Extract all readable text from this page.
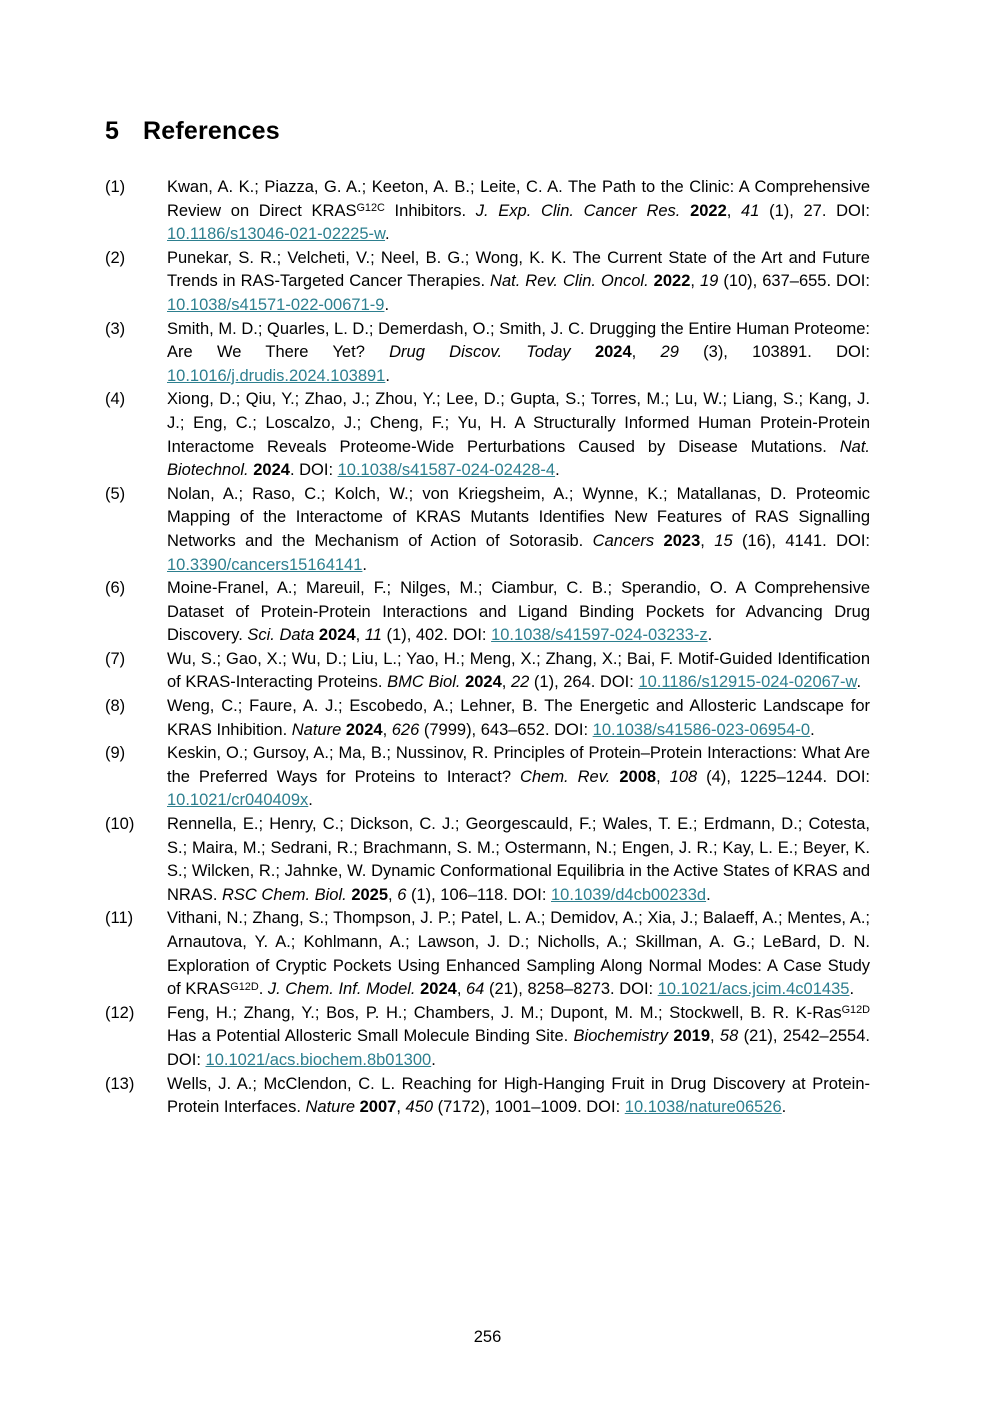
5 References
(1)	Kwan, A. K.; Piazza, G. A.; Keeton, A. B.; Leite, C. A. The Path to the Clinic: A Comprehensive Review on Direct $KRAS^{G12C}$ Inhibitors. J. Exp. Clin. Cancer Res. 2022, 41 (1), 27. DOI: 10.1186/s13046-021-02225-w.
(2)	Punekar, S. R.; Velcheti, V.; Neel, B. G.; Wong, K. K. The Current State of the Art and Future Trends in RAS-Targeted Cancer Therapies. Nat. Rev. Clin. Oncol. 2022, 19 (10), 637–655. DOI: 10.1038/s41571-022-00671-9.
(3)	Smith, M. D.; Quarles, L. D.; Demerdash, O.; Smith, J. C. Drugging the Entire Human Proteome: Are We There Yet? Drug Discov. Today 2024, 29 (3), 103891. DOI: 10.1016/j.drudis.2024.103891.
(4)	Xiong, D.; Qiu, Y.; Zhao, J.; Zhou, Y.; Lee, D.; Gupta, S.; Torres, M.; Lu, W.; Liang, S.; Kang, J. J.; Eng, C.; Loscalzo, J.; Cheng, F.; Yu, H. A Structurally Informed Human Protein-Protein Interactome Reveals Proteome-Wide Perturbations Caused by Disease Mutations. Nat. Biotechnol. 2024. DOI: 10.1038/s41587-024-02428-4.
(5)	Nolan, A.; Raso, C.; Kolch, W.; von Kriegsheim, A.; Wynne, K.; Matallanas, D. Proteomic Mapping of the Interactome of KRAS Mutants Identifies New Features of RAS Signalling Networks and the Mechanism of Action of Sotorasib. Cancers 2023, 15 (16), 4141. DOI: 10.3390/cancers15164141.
(6)	Moine-Franel, A.; Mareuil, F.; Nilges, M.; Ciambur, C. B.; Sperandio, O. A Comprehensive Dataset of Protein-Protein Interactions and Ligand Binding Pockets for Advancing Drug Discovery. Sci. Data 2024, 11 (1), 402. DOI: 10.1038/s41597-024-03233-z.
(7)	Wu, S.; Gao, X.; Wu, D.; Liu, L.; Yao, H.; Meng, X.; Zhang, X.; Bai, F. Motif-Guided Identification of KRAS-Interacting Proteins. BMC Biol. 2024, 22 (1), 264. DOI: 10.1186/s12915-024-02067-w.
(8)	Weng, C.; Faure, A. J.; Escobedo, A.; Lehner, B. The Energetic and Allosteric Landscape for KRAS Inhibition. Nature 2024, 626 (7999), 643–652. DOI: 10.1038/s41586-023-06954-0.
(9)	Keskin, O.; Gursoy, A.; Ma, B.; Nussinov, R. Principles of Protein–Protein Interactions: What Are the Preferred Ways for Proteins to Interact? Chem. Rev. 2008, 108 (4), 1225–1244. DOI: 10.1021/cr040409x.
(10)	Rennella, E.; Henry, C.; Dickson, C. J.; Georgescauld, F.; Wales, T. E.; Erdmann, D.; Cotesta, S.; Maira, M.; Sedrani, R.; Brachmann, S. M.; Ostermann, N.; Engen, J. R.; Kay, L. E.; Beyer, K. S.; Wilcken, R.; Jahnke, W. Dynamic Conformational Equilibria in the Active States of KRAS and NRAS. RSC Chem. Biol. 2025, 6 (1), 106–118. DOI: 10.1039/d4cb00233d.
(11)	Vithani, N.; Zhang, S.; Thompson, J. P.; Patel, L. A.; Demidov, A.; Xia, J.; Balaeff, A.; Mentes, A.; Arnautova, Y. A.; Kohlmann, A.; Lawson, J. D.; Nicholls, A.; Skillman, A. G.; LeBard, D. N. Exploration of Cryptic Pockets Using Enhanced Sampling Along Normal Modes: A Case Study of $KRAS^{G12D}$. J. Chem. Inf. Model. 2024, 64 (21), 8258–8273. DOI: 10.1021/acs.jcim.4c01435.
(12)	Feng, H.; Zhang, Y.; Bos, P. H.; Chambers, J. M.; Dupont, M. M.; Stockwell, B. R. K-Ras$^{G12D}$ Has a Potential Allosteric Small Molecule Binding Site. Biochemistry 2019, 58 (21), 2542–2554. DOI: 10.1021/acs.biochem.8b01300.
(13)	Wells, J. A.; McClendon, C. L. Reaching for High-Hanging Fruit in Drug Discovery at Protein-Protein Interfaces. Nature 2007, 450 (7172), 1001–1009. DOI: 10.1038/nature06526.
256
